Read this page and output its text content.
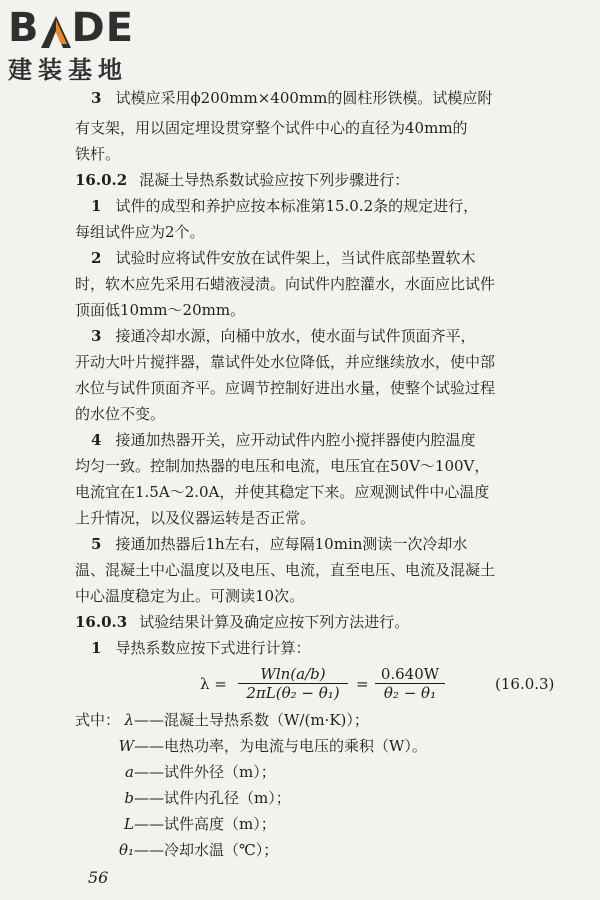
B DE
建装基地
3 试模应采用ϕ200mm×400mm的圆柱形铁模。试模应附
有支架，用以固定埋设贯穿整个试件中心的直径为40mm的
铁杆。
16.0.2 混凝土导热系数试验应按下列步骤进行：
1 试件的成型和养护应按本标准第15.0.2条的规定进行，
每组试件应为2个。
2 试验时应将试件安放在试件架上，当试件底部垫置软木
时，软木应先采用石蜡液浸渍。向试件内腔灌水，水面应比试件
顶面低10mm～20mm。
3 接通冷却水源，向桶中放水，使水面与试件顶面齐平，
开动大叶片搅拌器，靠试件处水位降低，并应继续放水，使中部
水位与试件顶面齐平。应调节控制好进出水量，使整个试验过程
的水位不变。
4 接通加热器开关，应开动试件内腔小搅拌器使内腔温度
均匀一致。控制加热器的电压和电流，电压宜在50V～100V，
电流宜在1.5A～2.0A，并使其稳定下来。应观测试件中心温度
上升情况，以及仪器运转是否正常。
5 接通加热器后1h左右，应每隔10min测读一次冷却水
温、混凝土中心温度以及电压、电流，直至电压、电流及混凝土
中心温度稳定为止。可测读10次。
16.0.3 试验结果计算及确定应按下列方法进行。
1 导热系数应按下式进行计算：
λ =
Wln(a/b)
2πL(θ₂ − θ₁)	=
0.640W
θ₂ − θ₁	(16.0.3)
式中： λ——混凝土导热系数（W/(m·K)）；
W——电热功率，为电流与电压的乘积（W）。
a——试件外径（m）；
b——试件内孔径（m）；
L——试件高度（m）；
θ₁——冷却水温（℃）；
56
